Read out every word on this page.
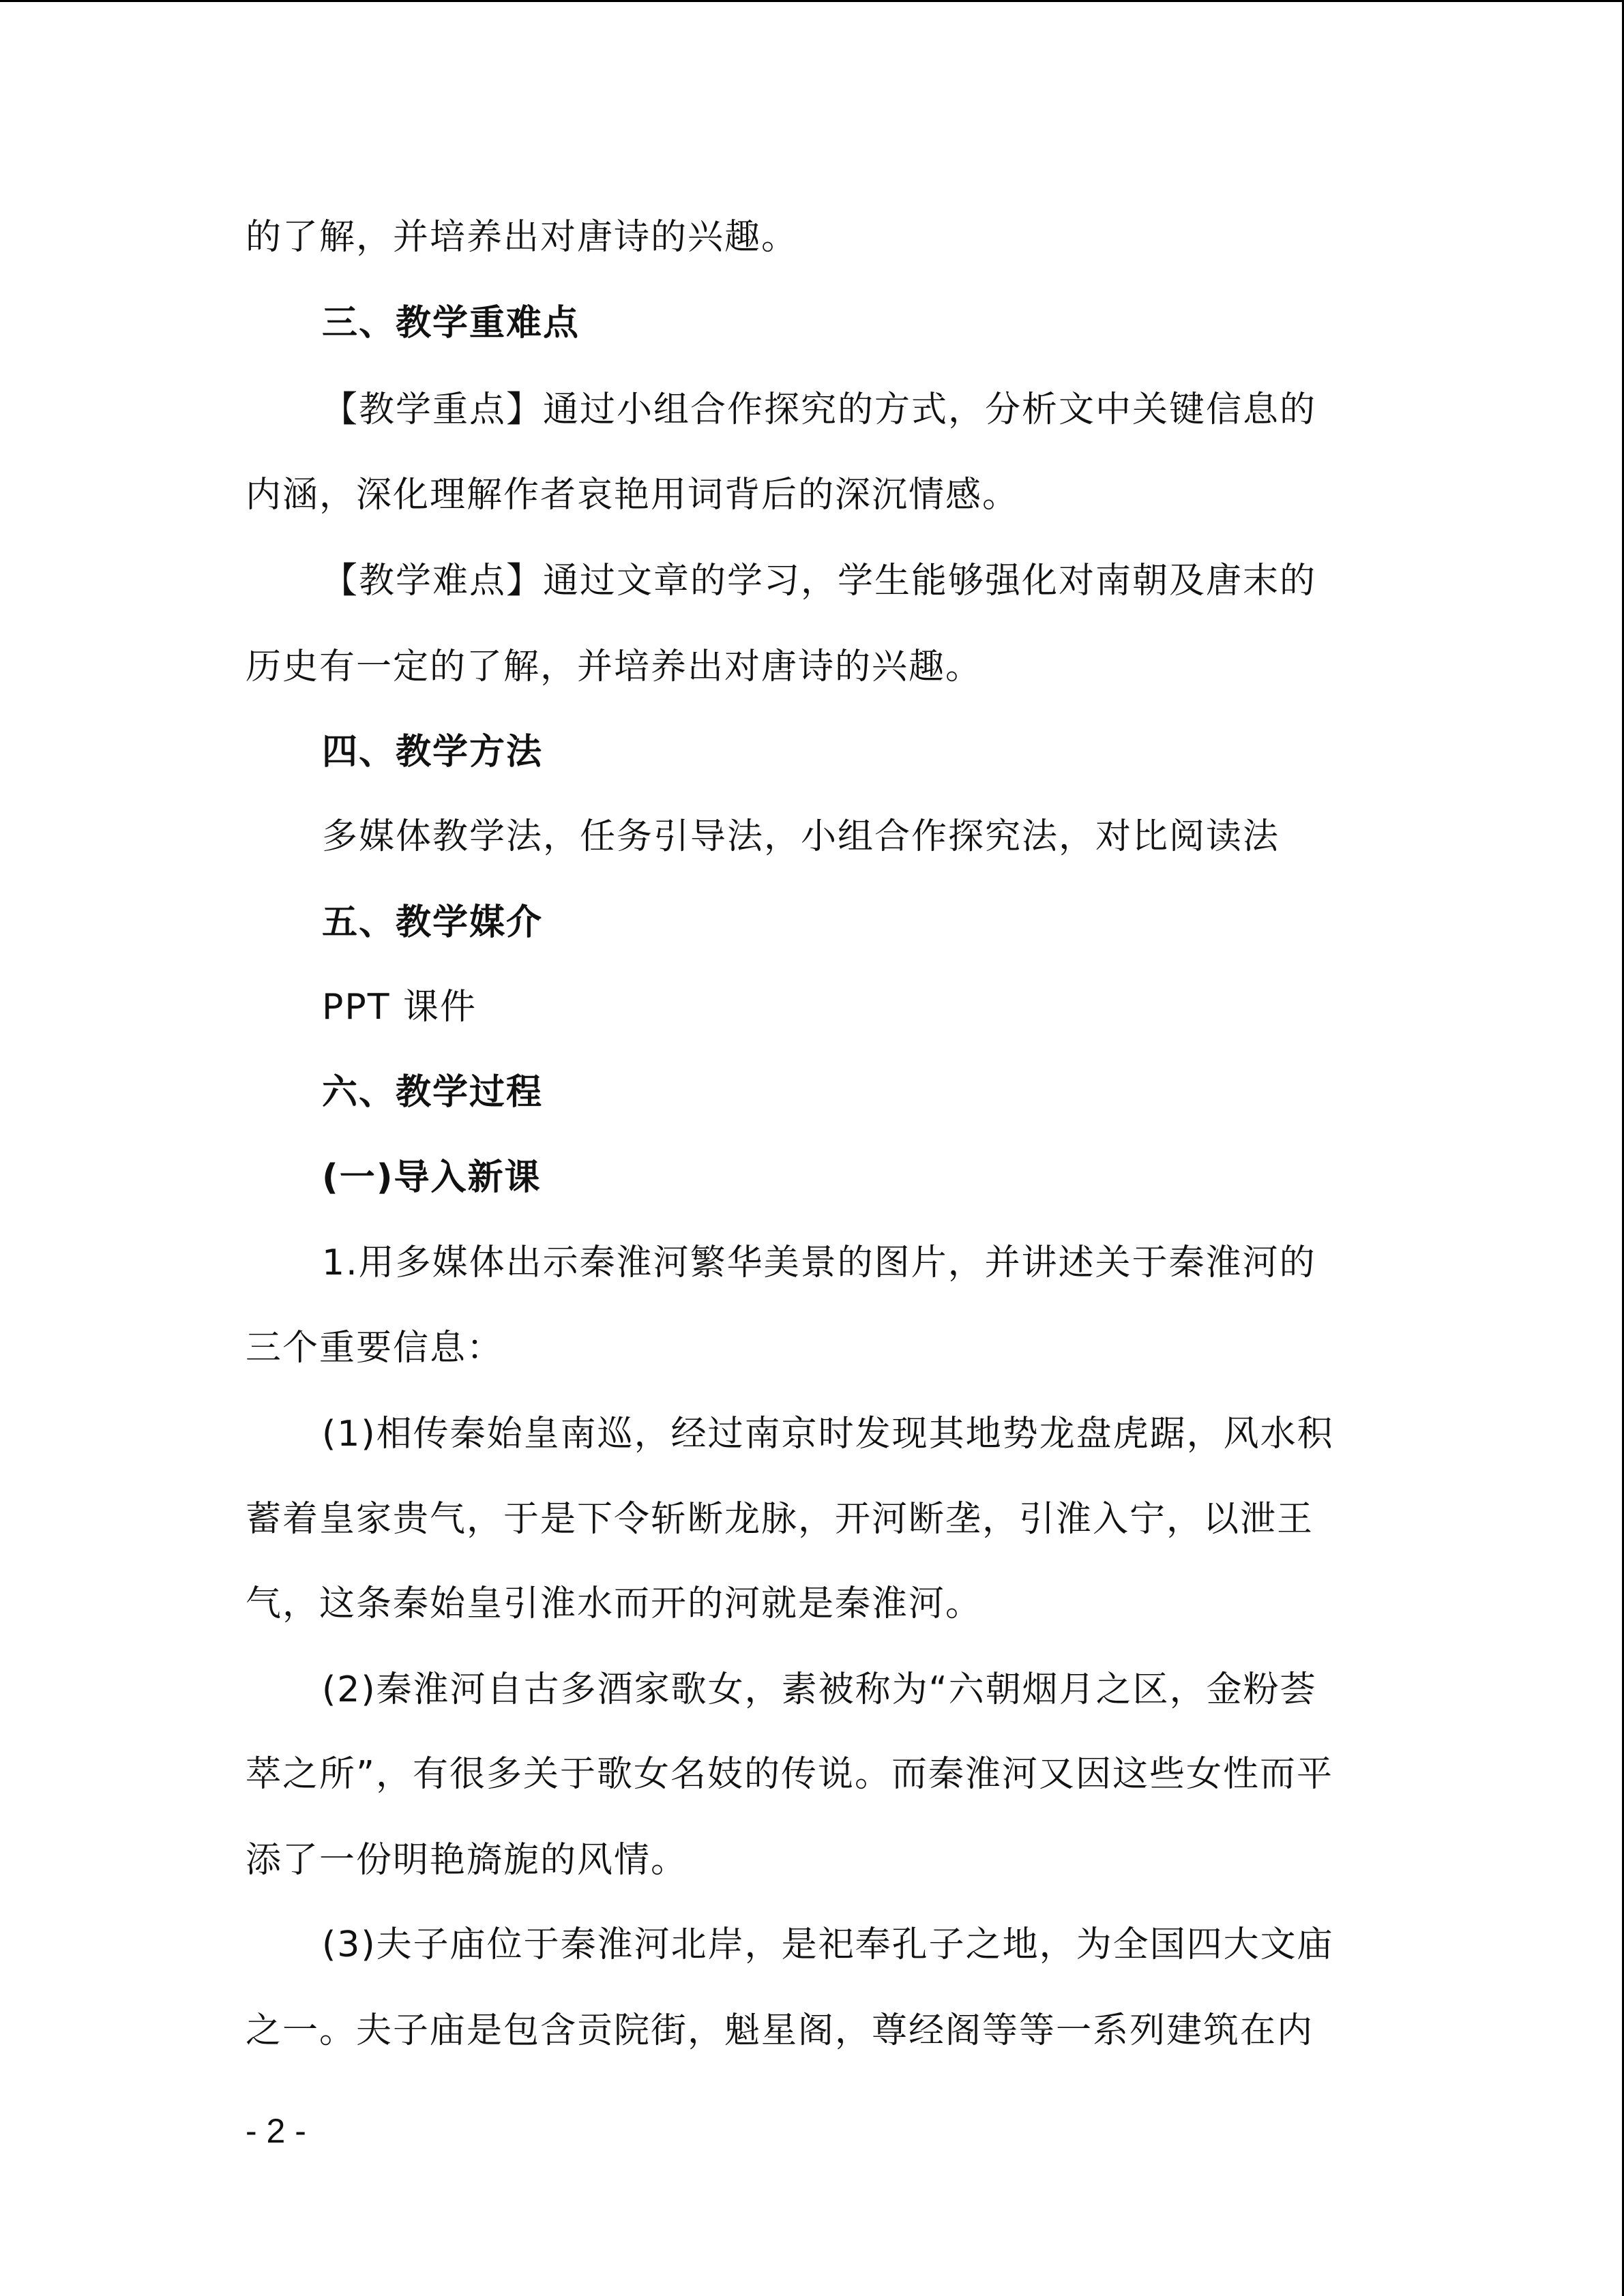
的了解，并培养出对唐诗的兴趣。
三、教学重难点
【教学重点】通过小组合作探究的方式，分析文中关键信息的
内涵，深化理解作者哀艳用词背后的深沉情感。
【教学难点】通过文章的学习，学生能够强化对南朝及唐末的
历史有一定的了解，并培养出对唐诗的兴趣。
四、教学方法
多媒体教学法，任务引导法，小组合作探究法，对比阅读法
五、教学媒介
PPT 课件
六、教学过程
(一)导入新课
1.用多媒体出示秦淮河繁华美景的图片，并讲述关于秦淮河的
三个重要信息：
(1)相传秦始皇南巡，经过南京时发现其地势龙盘虎踞，风水积
蓄着皇家贵气，于是下令斩断龙脉，开河断垄，引淮入宁，以泄王
气，这条秦始皇引淮水而开的河就是秦淮河。
(2)秦淮河自古多酒家歌女，素被称为“六朝烟月之区，金粉荟
萃之所”，有很多关于歌女名妓的传说。而秦淮河又因这些女性而平
添了一份明艳旖旎的风情。
(3)夫子庙位于秦淮河北岸，是祀奉孔子之地，为全国四大文庙
之一。夫子庙是包含贡院街，魁星阁，尊经阁等等一系列建筑在内
- 2 -
